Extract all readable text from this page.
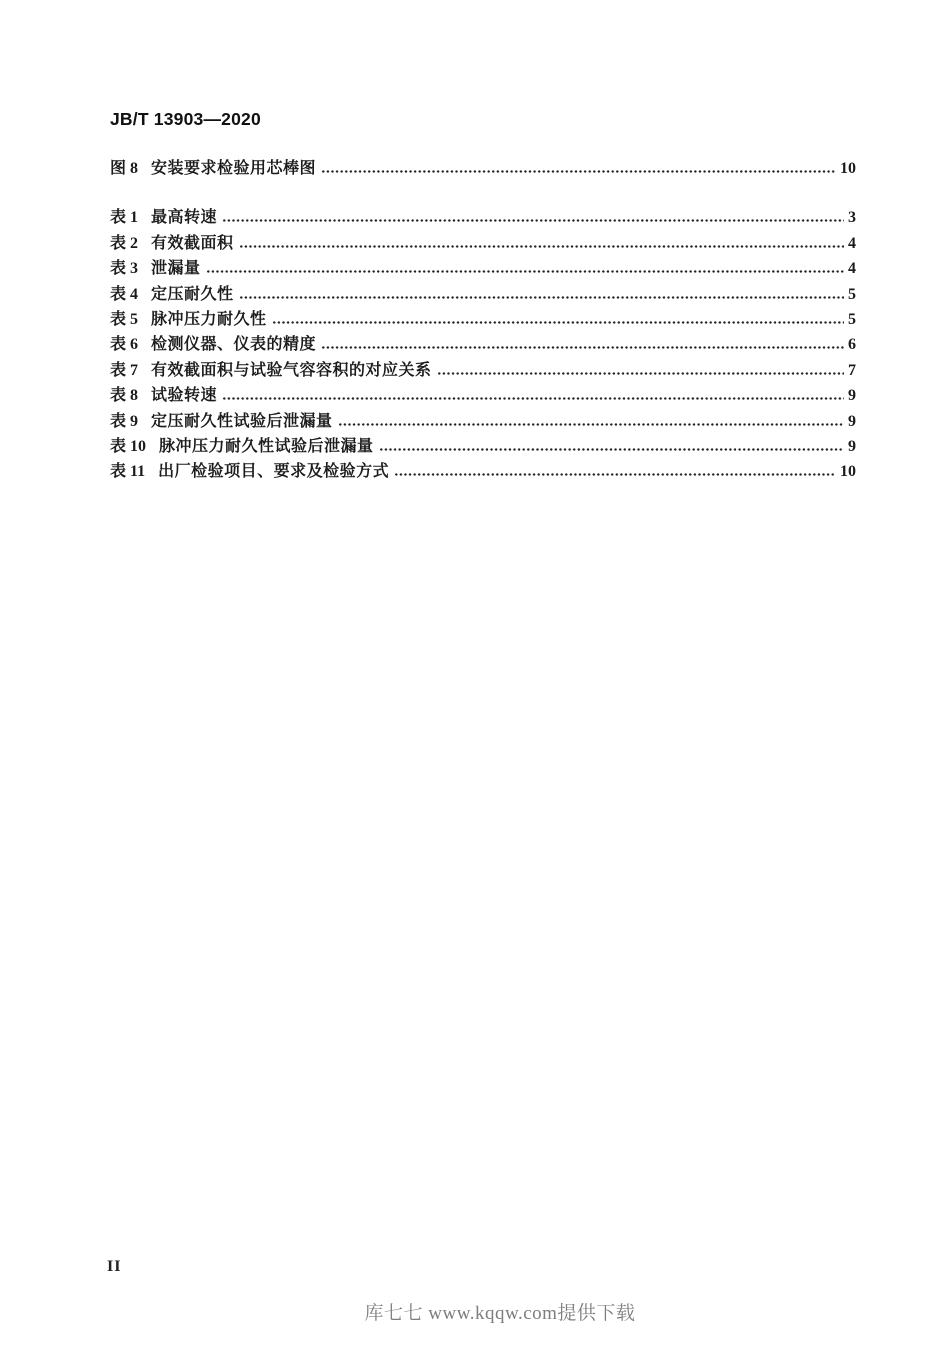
JB/T 13903—2020
图 8 安装要求检验用芯棒图	10
表 1 最高转速	3
表 2 有效截面积	4
表 3 泄漏量	4
表 4 定压耐久性	5
表 5 脉冲压力耐久性	5
表 6 检测仪器、仪表的精度	6
表 7 有效截面积与试验气容容积的对应关系	7
表 8 试验转速	9
表 9 定压耐久性试验后泄漏量	9
表 10 脉冲压力耐久性试验后泄漏量	9
表 11 出厂检验项目、要求及检验方式	10
II
库七七 www.kqqw.com提供下载
